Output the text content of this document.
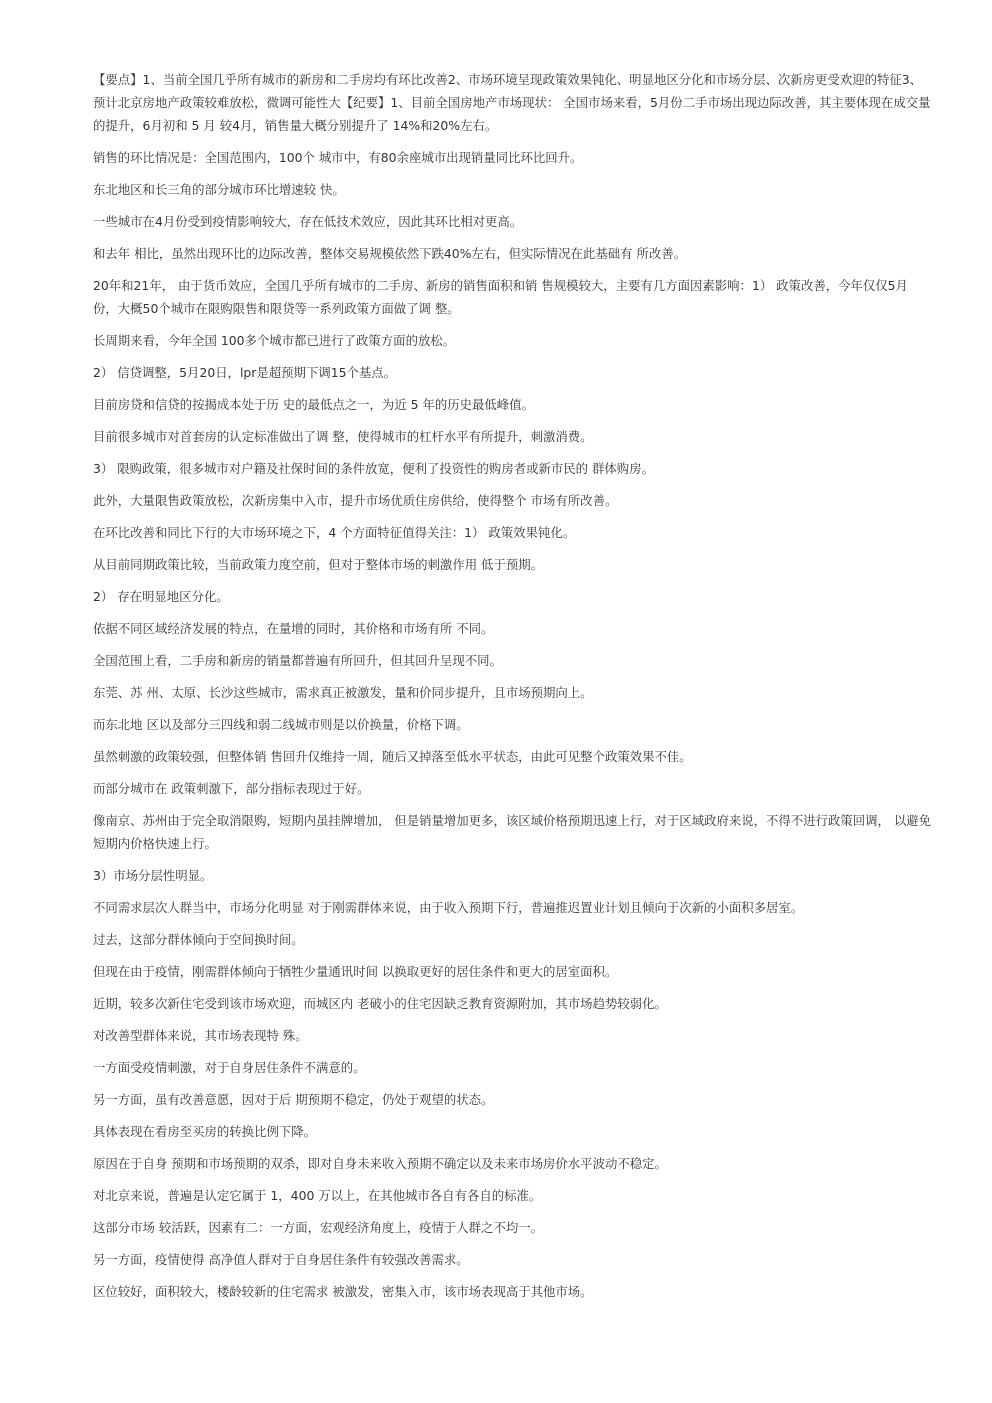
【要点】1、当前全国几乎所有城市的新房和二手房均有环比改善2、市场环境呈现政策效果钝化、明显地区分化和市场分层、次新房更受欢迎的特征3、预计北京房地产政策较难放松，微调可能性大【纪要】1、目前全国房地产市场现状： 全国市场来看，5月份二手市场出现边际改善，其主要体现在成交量的提升，6月初和 5 月 较4月，销售量大概分别提升了 14%和20%左右。

销售的环比情况是：全国范围内，100个 城市中，有80余座城市出现销量同比环比回升。

东北地区和长三角的部分城市环比增速较 快。

一些城市在4月份受到疫情影响较大，存在低技术效应，因此其环比相对更高。

和去年 相比，虽然出现环比的边际改善，整体交易规模依然下跌40%左右，但实际情况在此基础有 所改善。

20年和21年， 由于货币效应，全国几乎所有城市的二手房、新房的销售面积和销 售规模较大，主要有几方面因素影响：1） 政策改善，今年仅仅5月份，大概50个城市在限购限售和限贷等一系列政策方面做了调 整。

长周期来看，今年全国 100多个城市都已进行了政策方面的放松。

2） 信贷调整，5月20日，lpr是超预期下调15个基点。

目前房贷和信贷的按揭成本处于历 史的最低点之一，为近 5 年的历史最低峰值。

目前很多城市对首套房的认定标准做出了调 整，使得城市的杠杆水平有所提升，刺激消费。

3） 限购政策，很多城市对户籍及社保时间的条件放宽，便利了投资性的购房者或新市民的 群体购房。

此外，大量限售政策放松，次新房集中入市，提升市场优质住房供给，使得整个 市场有所改善。

在环比改善和同比下行的大市场环境之下，4 个方面特征值得关注：1） 政策效果钝化。

从目前同期政策比较，当前政策力度空前，但对于整体市场的刺激作用 低于预期。

2） 存在明显地区分化。

依据不同区域经济发展的特点，在量增的同时，其价格和市场有所 不同。

全国范围上看，二手房和新房的销量都普遍有所回升，但其回升呈现不同。

东莞、苏 州、太原、长沙这些城市，需求真正被激发，量和价同步提升，且市场预期向上。

而东北地 区以及部分三四线和弱二线城市则是以价换量，价格下调。

虽然刺激的政策较强，但整体销 售回升仅维持一周，随后又掉落至低水平状态，由此可见整个政策效果不佳。

而部分城市在 政策刺激下，部分指标表现过于好。

像南京、苏州由于完全取消限购，短期内虽挂牌增加， 但是销量增加更多，该区域价格预期迅速上行，对于区域政府来说，不得不进行政策回调， 以避免短期内价格快速上行。

3）市场分层性明显。

不同需求层次人群当中，市场分化明显 对于刚需群体来说，由于收入预期下行，普遍推迟置业计划且倾向于次新的小面积多居室。

过去，这部分群体倾向于空间换时间。

但现在由于疫情，刚需群体倾向于牺牲少量通讯时间 以换取更好的居住条件和更大的居室面积。

近期，较多次新住宅受到该市场欢迎，而城区内 老破小的住宅因缺乏教育资源附加，其市场趋势较弱化。

对改善型群体来说，其市场表现特 殊。

一方面受疫情刺激，对于自身居住条件不满意的。

另一方面，虽有改善意愿，因对于后 期预期不稳定，仍处于观望的状态。

具体表现在看房至买房的转换比例下降。

原因在于自身 预期和市场预期的双杀，即对自身未来收入预期不确定以及未来市场房价水平波动不稳定。

对北京来说，普遍是认定它属于 1，400 万以上，在其他城市各自有各自的标准。

这部分市场 较活跃，因素有二：一方面，宏观经济角度上，疫情于人群之不均一。

另一方面，疫情使得 高净值人群对于自身居住条件有较强改善需求。

区位较好，面积较大，楼龄较新的住宅需求 被激发，密集入市，该市场表现高于其他市场。
